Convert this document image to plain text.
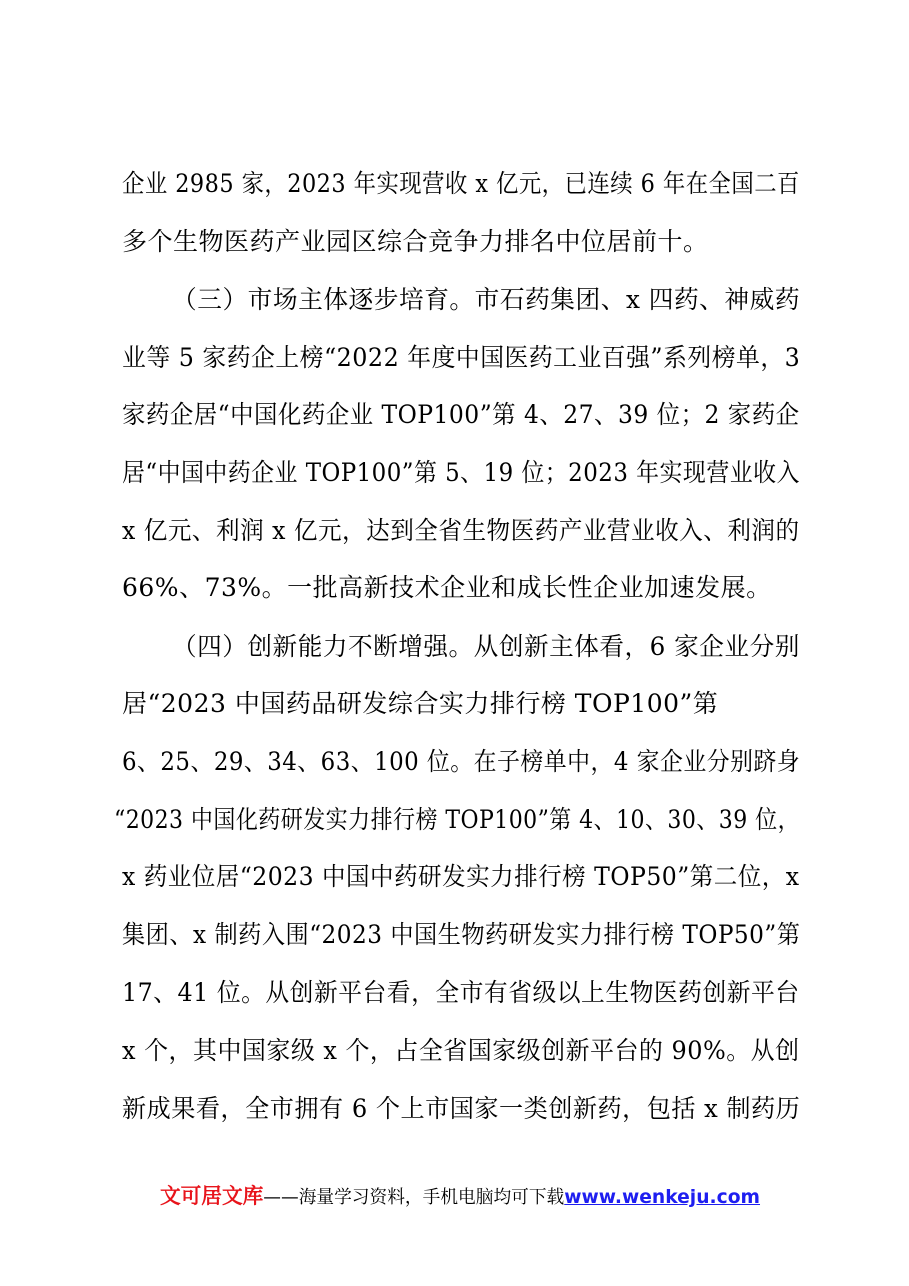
企业 2985 家，2023 年实现营收 x 亿元，已连续 6 年在全国二百
多个生物医药产业园区综合竞争力排名中位居前十。
（三）市场主体逐步培育。市石药集团、x 四药、神威药
业等 5 家药企上榜“2022 年度中国医药工业百强”系列榜单，3
家药企居“中国化药企业 TOP100”第 4、27、39 位；2 家药企
居“中国中药企业 TOP100”第 5、19 位；2023 年实现营业收入
x 亿元、利润 x 亿元，达到全省生物医药产业营业收入、利润的
66%、73%。一批高新技术企业和成长性企业加速发展。
（四）创新能力不断增强。从创新主体看，6 家企业分别
居“2023 中国药品研发综合实力排行榜 TOP100”第
6、25、29、34、63、100 位。在子榜单中，4 家企业分别跻身
“2023 中国化药研发实力排行榜 TOP100”第 4、10、30、39 位，
x 药业位居“2023 中国中药研发实力排行榜 TOP50”第二位，x
集团、x 制药入围“2023 中国生物药研发实力排行榜 TOP50”第
17、41 位。从创新平台看，全市有省级以上生物医药创新平台
x 个，其中国家级 x 个，占全省国家级创新平台的 90%。从创
新成果看，全市拥有 6 个上市国家一类创新药，包括 x 制药历
文可居文库——海量学习资料，手机电脑均可下载www.wenkeju.com
